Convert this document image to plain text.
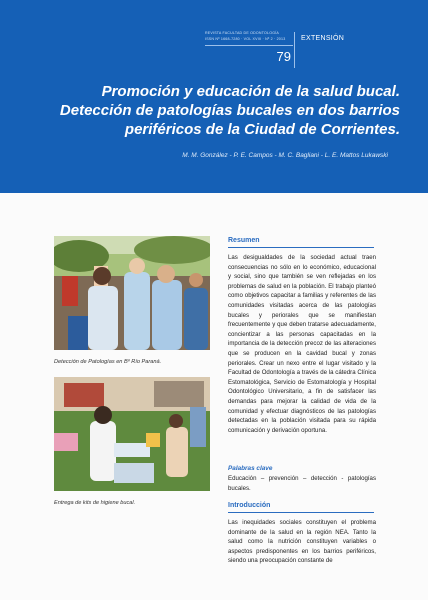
REVISTA FACULTAD DE ODONTOLOGÍA
ISSN Nº 1668-7280 · VOL XVIII · Nº 2 · 2013
79
EXTENSIÓN
Promoción y educación de la salud bucal. Detección de patologías bucales en dos barrios periféricos de la Ciudad de Corrientes.
M. M. González - P. E. Campos - M. C. Bagliani - L. E. Mattos Lukawski
Detección de Patologías en Bº Río Paraná.
Entrega de kits de higiene bucal.
Resumen
Las desigualdades de la sociedad actual traen consecuencias no sólo en lo económico, educacional y social, sino que también se ven reflejadas en los problemas de salud en la población. El trabajo planteó como objetivos capacitar a familias y referentes de las comunidades visitadas acerca de las patologías bucales y periorales que se manifiestan frecuentemente y que deben tratarse adecuadamente, concientizar a las personas capacitadas en la importancia de la detección precoz de las alteraciones que se producen en la cavidad bucal y zonas periorales. Crear un nexo entre el lugar visitado y la Facultad de Odontología a través de la cátedra Clínica Estomatológica, Servicio de Estomatología y Hospital Odontológico Universitario, a fin de satisfacer las demandas para mejorar la calidad de vida de la comunidad y efectuar diagnósticos de las patologías detectadas en la población visitada para su rápida comunicación y derivación oportuna.
Palabras clave
Educación – prevención – detección - patologías bucales.
Introducción
Las inequidades sociales constituyen el problema dominante de la salud en la región NEA. Tanto la salud como la nutrición constituyen variables o aspectos predisponentes en los barrios periféricos, siendo una preocupación constante de
